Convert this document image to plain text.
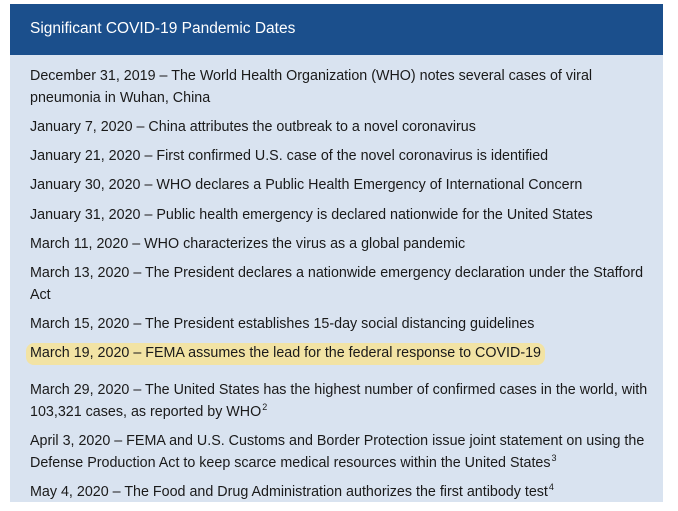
Significant COVID-19 Pandemic Dates
December 31, 2019 – The World Health Organization (WHO) notes several cases of viral pneumonia in Wuhan, China
January 7, 2020 – China attributes the outbreak to a novel coronavirus
January 21, 2020 – First confirmed U.S. case of the novel coronavirus is identified
January 30, 2020 – WHO declares a Public Health Emergency of International Concern
January 31, 2020 – Public health emergency is declared nationwide for the United States
March 11, 2020 – WHO characterizes the virus as a global pandemic
March 13, 2020 – The President declares a nationwide emergency declaration under the Stafford Act
March 15, 2020 – The President establishes 15-day social distancing guidelines
March 19, 2020 – FEMA assumes the lead for the federal response to COVID-19
March 29, 2020 – The United States has the highest number of confirmed cases in the world, with 103,321 cases, as reported by WHO$^2$
April 3, 2020 – FEMA and U.S. Customs and Border Protection issue joint statement on using the Defense Production Act to keep scarce medical resources within the United States$^3$
May 4, 2020 – The Food and Drug Administration authorizes the first antibody test$^4$
